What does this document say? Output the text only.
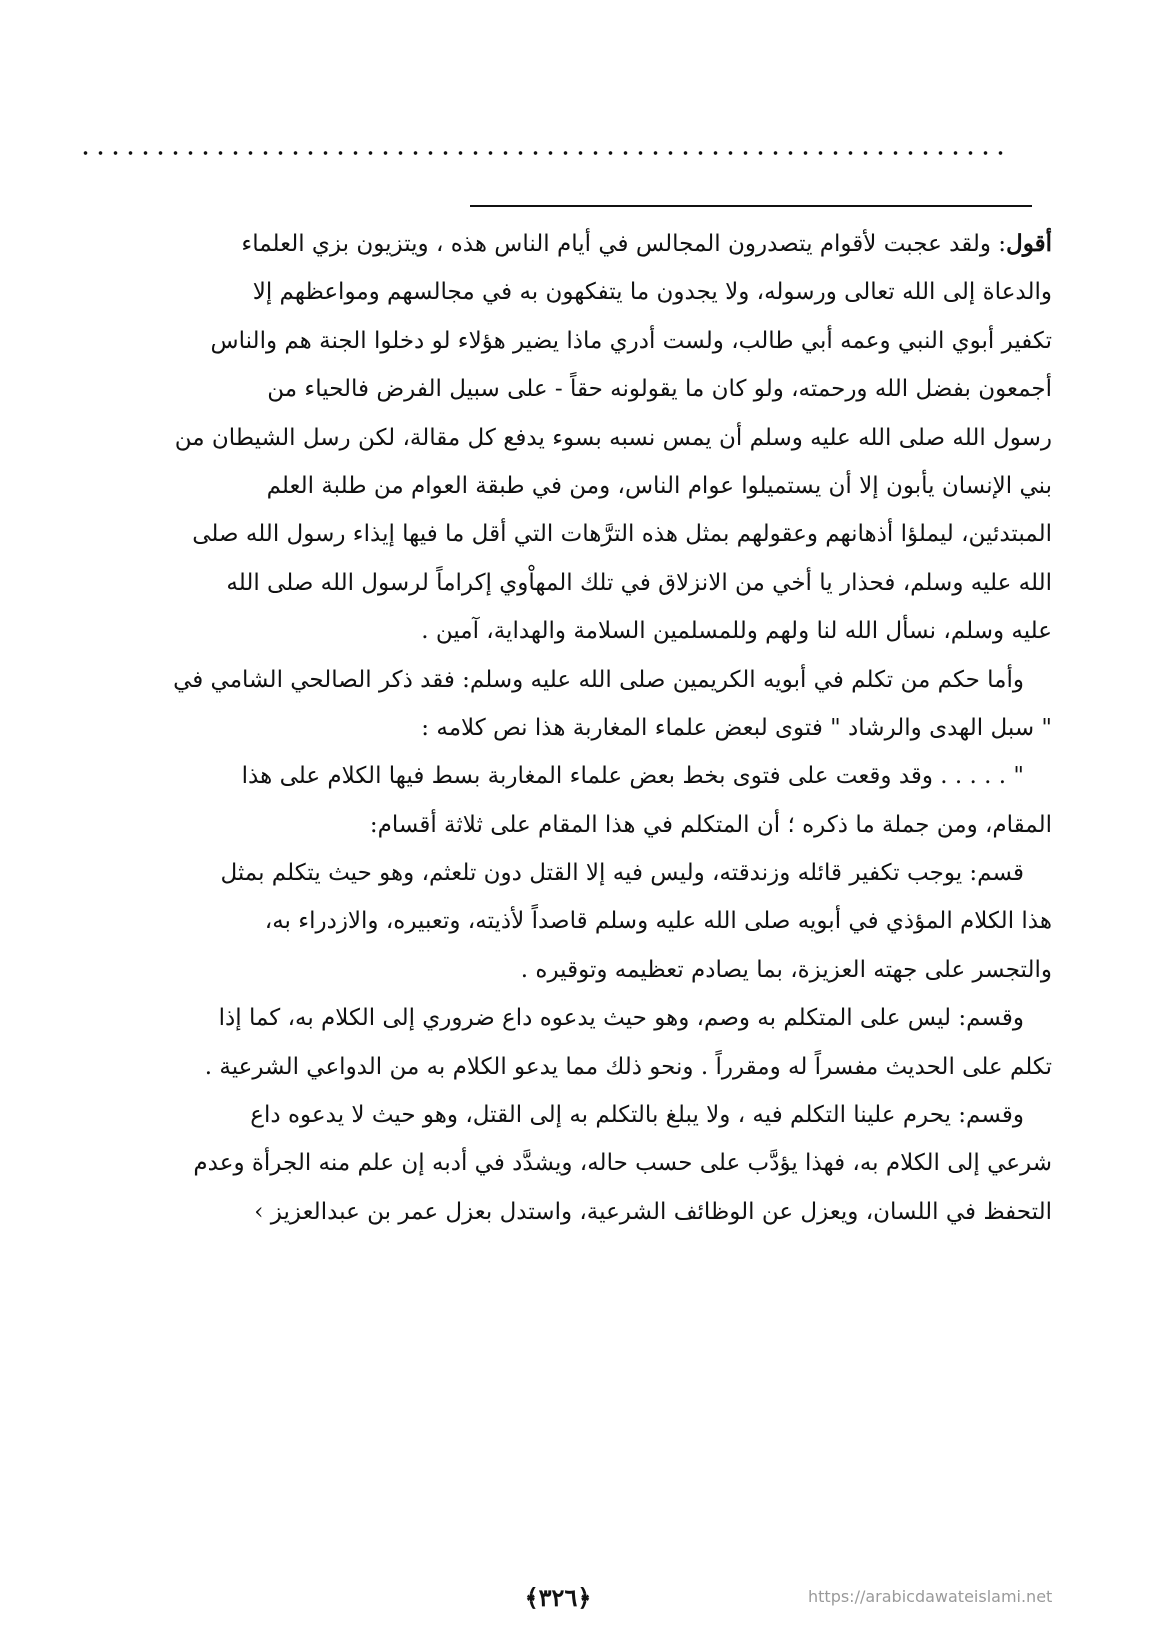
أقول: ولقد عجبت لأقوام يتصدرون المجالس في أيام الناس هذه ، ويتزيون بزي العلماء
والدعاة إلى الله تعالى ورسوله، ولا يجدون ما يتفكهون به في مجالسهم ومواعظهم إلا
تكفير أبوي النبي وعمه أبي طالب، ولست أدري ماذا يضير هؤلاء لو دخلوا الجنة هم والناس
أجمعون بفضل الله ورحمته، ولو كان ما يقولونه حقاً - على سبيل الفرض فالحياء من
رسول الله صلى الله عليه وسلم أن يمس نسبه بسوء يدفع كل مقالة، لكن رسل الشيطان من
بني الإنسان يأبون إلا أن يستميلوا عوام الناس، ومن في طبقة العوام من طلبة العلم
المبتدئين، ليملؤا أذهانهم وعقولهم بمثل هذه الترَّهات التي أقل ما فيها إيذاء رسول الله صلى
الله عليه وسلم، فحذار يا أخي من الانزلاق في تلك المهاْوي إكراماً لرسول الله صلى الله
عليه وسلم، نسأل الله لنا ولهم وللمسلمين السلامة والهداية، آمين .
وأما حكم من تكلم في أبويه الكريمين صلى الله عليه وسلم: فقد ذكر الصالحي الشامي في
" سبل الهدى والرشاد " فتوى لبعض علماء المغاربة هذا نص كلامه :
" . . . . . وقد وقعت على فتوى بخط بعض علماء المغاربة بسط فيها الكلام على هذا
المقام، ومن جملة ما ذكره ؛ أن المتكلم في هذا المقام على ثلاثة أقسام:
قسم: يوجب تكفير قائله وزندقته، وليس فيه إلا القتل دون تلعثم، وهو حيث يتكلم بمثل
هذا الكلام المؤذي في أبويه صلى الله عليه وسلم قاصداً لأذيته، وتعبيره، والازدراء به،
والتجسر على جهته العزيزة، بما يصادم تعظيمه وتوقيره .
وقسم: ليس على المتكلم به وصم، وهو حيث يدعوه داع ضروري إلى الكلام به، كما إذا
تكلم على الحديث مفسراً له ومقرراً . ونحو ذلك مما يدعو الكلام به من الدواعي الشرعية .
وقسم: يحرم علينا التكلم فيه ، ولا يبلغ بالتكلم به إلى القتل، وهو حيث لا يدعوه داع
شرعي إلى الكلام به، فهذا يؤدَّب على حسب حاله، ويشدَّد في أدبه إن علم منه الجرأة وعدم
التحفظ في اللسان، ويعزل عن الوظائف الشرعية، واستدل بعزل عمر بن عبدالعزيز ›
﴿٣٢٦﴾	https://arabicdawateislami.net
